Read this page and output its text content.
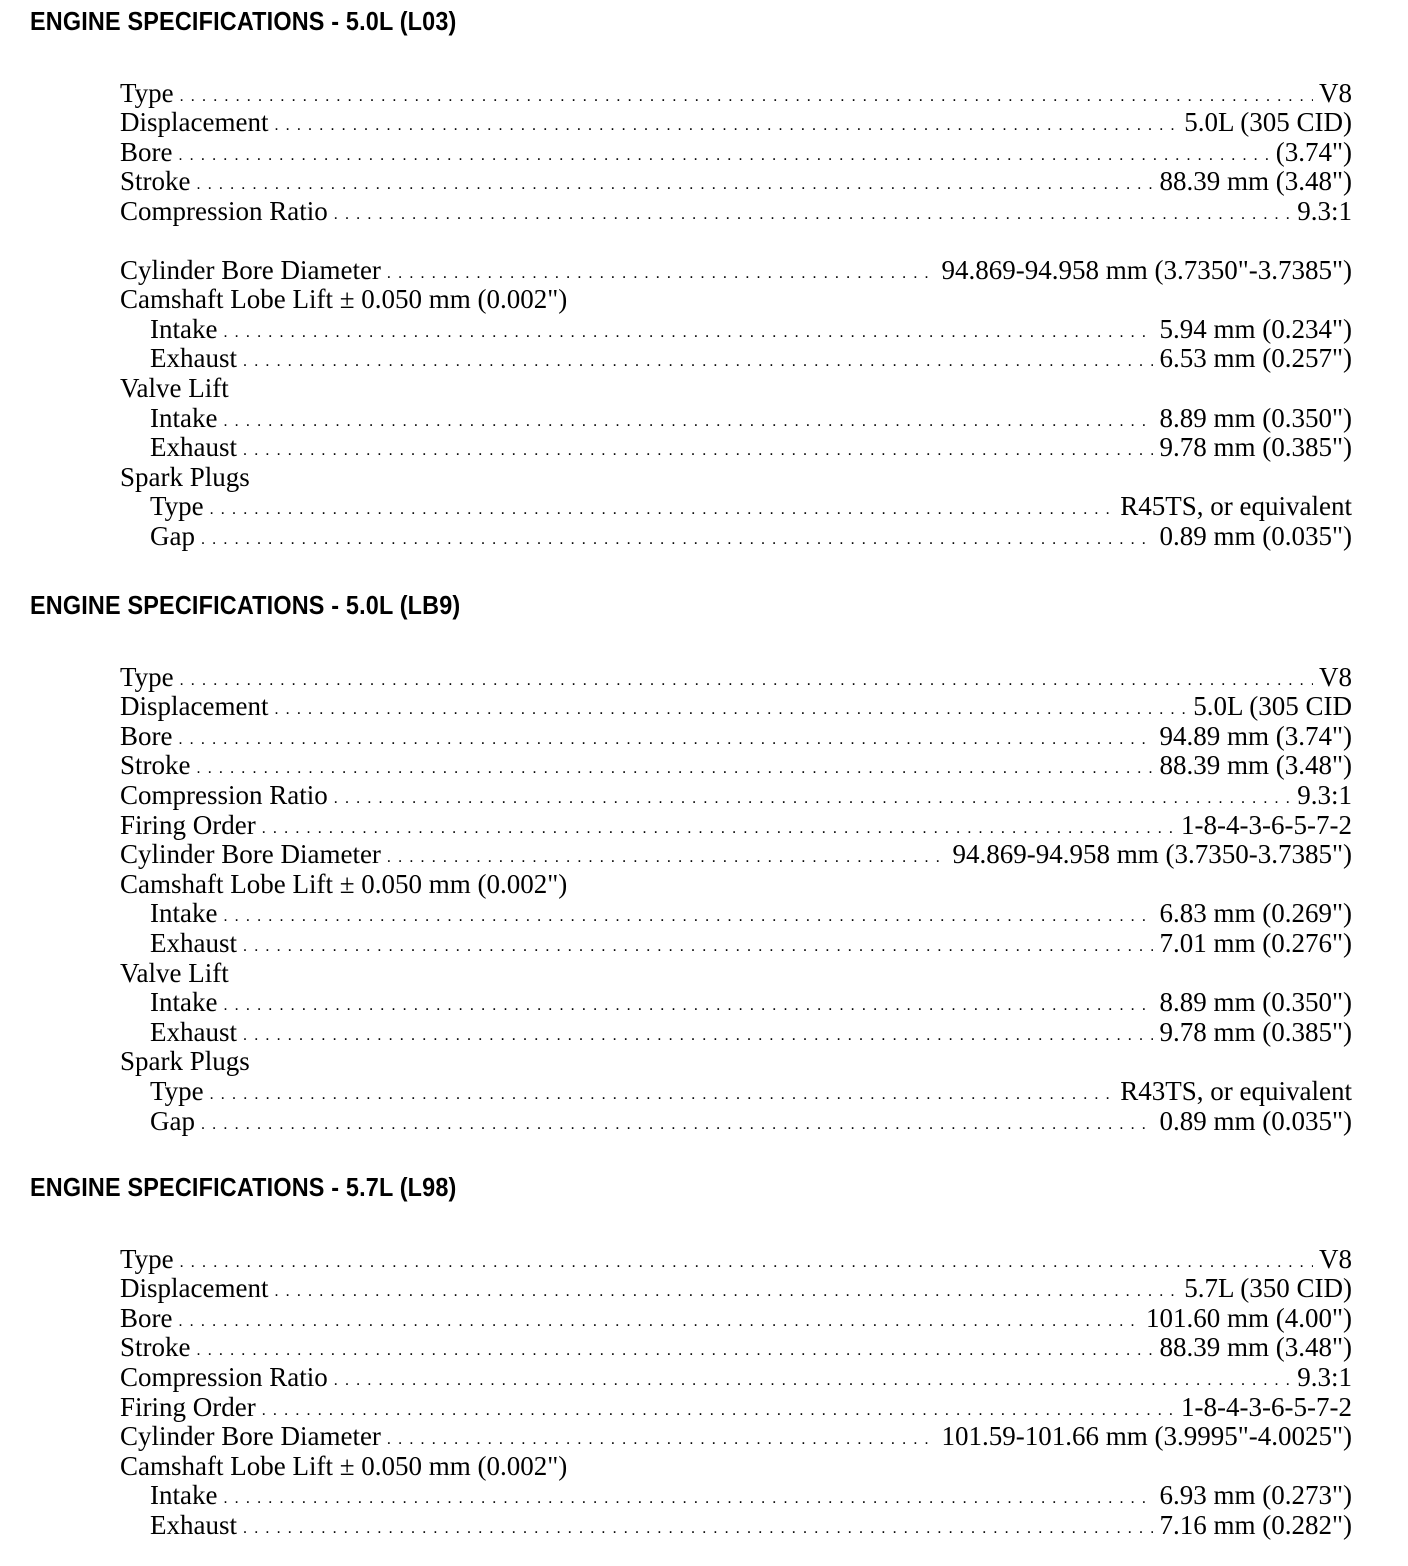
ENGINE SPECIFICATIONS - 5.0L (L03)
Type . . .	V8
Displacement . . .	5.0L (305 CID)
Bore . . .	(3.74")
Stroke . . .	88.39 mm (3.48")
Compression Ratio . . .	9.3:1
Cylinder Bore Diameter . . .	94.869-94.958 mm (3.7350"-3.7385")
Camshaft Lobe Lift ± 0.050 mm (0.002")
Intake . . .	5.94 mm (0.234")
Exhaust . . .	6.53 mm (0.257")
Valve Lift
Intake . . .	8.89 mm (0.350")
Exhaust . . .	9.78 mm (0.385")
Spark Plugs
Type . . .	R45TS, or equivalent
Gap . . .	0.89 mm (0.035")
ENGINE SPECIFICATIONS - 5.0L (LB9)
Type . . .	V8
Displacement . . .	5.0L (305 CID
Bore . . .	94.89 mm (3.74")
Stroke . . .	88.39 mm (3.48")
Compression Ratio . . .	9.3:1
Firing Order . . .	1-8-4-3-6-5-7-2
Cylinder Bore Diameter . . .	94.869-94.958 mm (3.7350-3.7385")
Camshaft Lobe Lift ± 0.050 mm (0.002")
Intake . . .	6.83 mm (0.269")
Exhaust . . .	7.01 mm (0.276")
Valve Lift
Intake . . .	8.89 mm (0.350")
Exhaust . . .	9.78 mm (0.385")
Spark Plugs
Type . . .	R43TS, or equivalent
Gap . . .	0.89 mm (0.035")
ENGINE SPECIFICATIONS - 5.7L (L98)
Type . . .	V8
Displacement . . .	5.7L (350 CID)
Bore . . .	101.60 mm (4.00")
Stroke . . .	88.39 mm (3.48")
Compression Ratio . . .	9.3:1
Firing Order . . .	1-8-4-3-6-5-7-2
Cylinder Bore Diameter . . .	101.59-101.66 mm (3.9995"-4.0025")
Camshaft Lobe Lift ± 0.050 mm (0.002")
Intake . . .	6.93 mm (0.273")
Exhaust . . .	7.16 mm (0.282")
